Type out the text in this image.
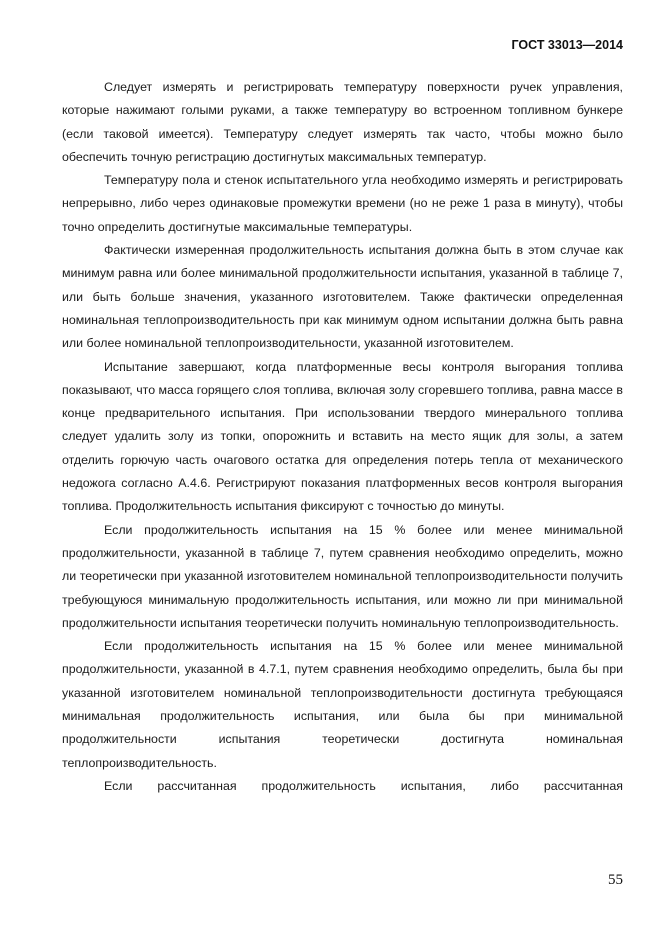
ГОСТ 33013—2014

Следует измерять и регистрировать температуру поверхности ручек управления, которые нажимают голыми руками, а также температуру во встроенном топливном бункере (если таковой имеется). Температуру следует измерять так часто, чтобы можно было обеспечить точную регистрацию достигнутых максимальных температур.

Температуру пола и стенок испытательного угла необходимо измерять и регистрировать непрерывно, либо через одинаковые промежутки времени (но не реже 1 раза в минуту), чтобы точно определить достигнутые максимальные температуры.

Фактически измеренная продолжительность испытания должна быть в этом случае как минимум равна или более минимальной продолжительности испытания, указанной в таблице 7, или быть больше значения, указанного изготовителем. Также фактически определенная номинальная теплопроизводительность при как минимум одном испытании должна быть равна или более номинальной теплопроизводительности, указанной изготовителем.

Испытание завершают, когда платформенные весы контроля выгорания топлива показывают, что масса горящего слоя топлива, включая золу сгоревшего топлива, равна массе в конце предварительного испытания. При использовании твердого минерального топлива следует удалить золу из топки, опорожнить и вставить на место ящик для золы, а затем отделить горючую часть очагового остатка для определения потерь тепла от механического недожога согласно А.4.6. Регистрируют показания платформенных весов контроля выгорания топлива. Продолжительность испытания фиксируют с точностью до минуты.

Если продолжительность испытания на 15 % более или менее минимальной продолжительности, указанной в таблице 7, путем сравнения необходимо определить, можно ли теоретически при указанной изготовителем номинальной теплопроизводительности получить требующуюся минимальную продолжительность испытания, или можно ли при минимальной продолжительности испытания теоретически получить номинальную теплопроизводительность.

Если продолжительность испытания на 15 % более или менее минимальной продолжительности, указанной в 4.7.1, путем сравнения необходимо определить, была бы при указанной изготовителем номинальной теплопроизводительности достигнута требующаяся минимальная продолжительность испытания, или была бы при минимальной продолжительности испытания теоретически достигнута номинальная теплопроизводительность.

Если рассчитанная продолжительность испытания, либо рассчитанная

55
